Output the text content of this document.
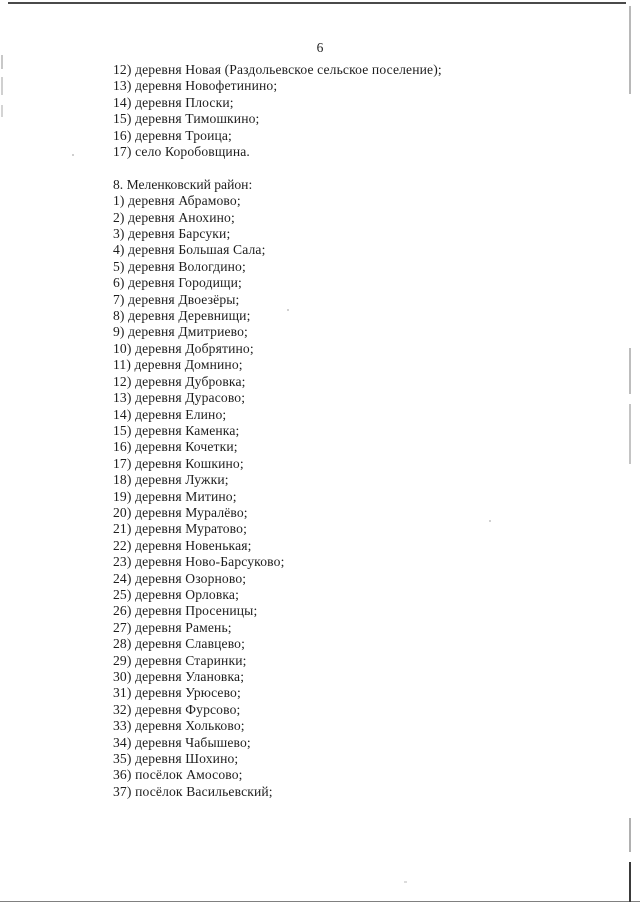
6
12) деревня Новая (Раздольевское сельское поселение);
13) деревня Новофетинино;
14) деревня Плоски;
15) деревня Тимошкино;
16) деревня Троица;
17) село Коробовщина.
8. Меленковский район:
1) деревня Абрамово;
2) деревня Анохино;
3) деревня Барсуки;
4) деревня Большая Сала;
5) деревня Вологдино;
6) деревня Городищи;
7) деревня Двоезёры;
8) деревня Деревнищи;
9) деревня Дмитриево;
10) деревня Добрятино;
11) деревня Домнино;
12) деревня Дубровка;
13) деревня Дурасово;
14) деревня Елино;
15) деревня Каменка;
16) деревня Кочетки;
17) деревня Кошкино;
18) деревня Лужки;
19) деревня Митино;
20) деревня Муралёво;
21) деревня Муратово;
22) деревня Новенькая;
23) деревня Ново-Барсуково;
24) деревня Озорново;
25) деревня Орловка;
26) деревня Просеницы;
27) деревня Рамень;
28) деревня Славцево;
29) деревня Старинки;
30) деревня Улановка;
31) деревня Урюсево;
32) деревня Фурсово;
33) деревня Хольково;
34) деревня Чабышево;
35) деревня Шохино;
36) посёлок Амосово;
37) посёлок Васильевский;
